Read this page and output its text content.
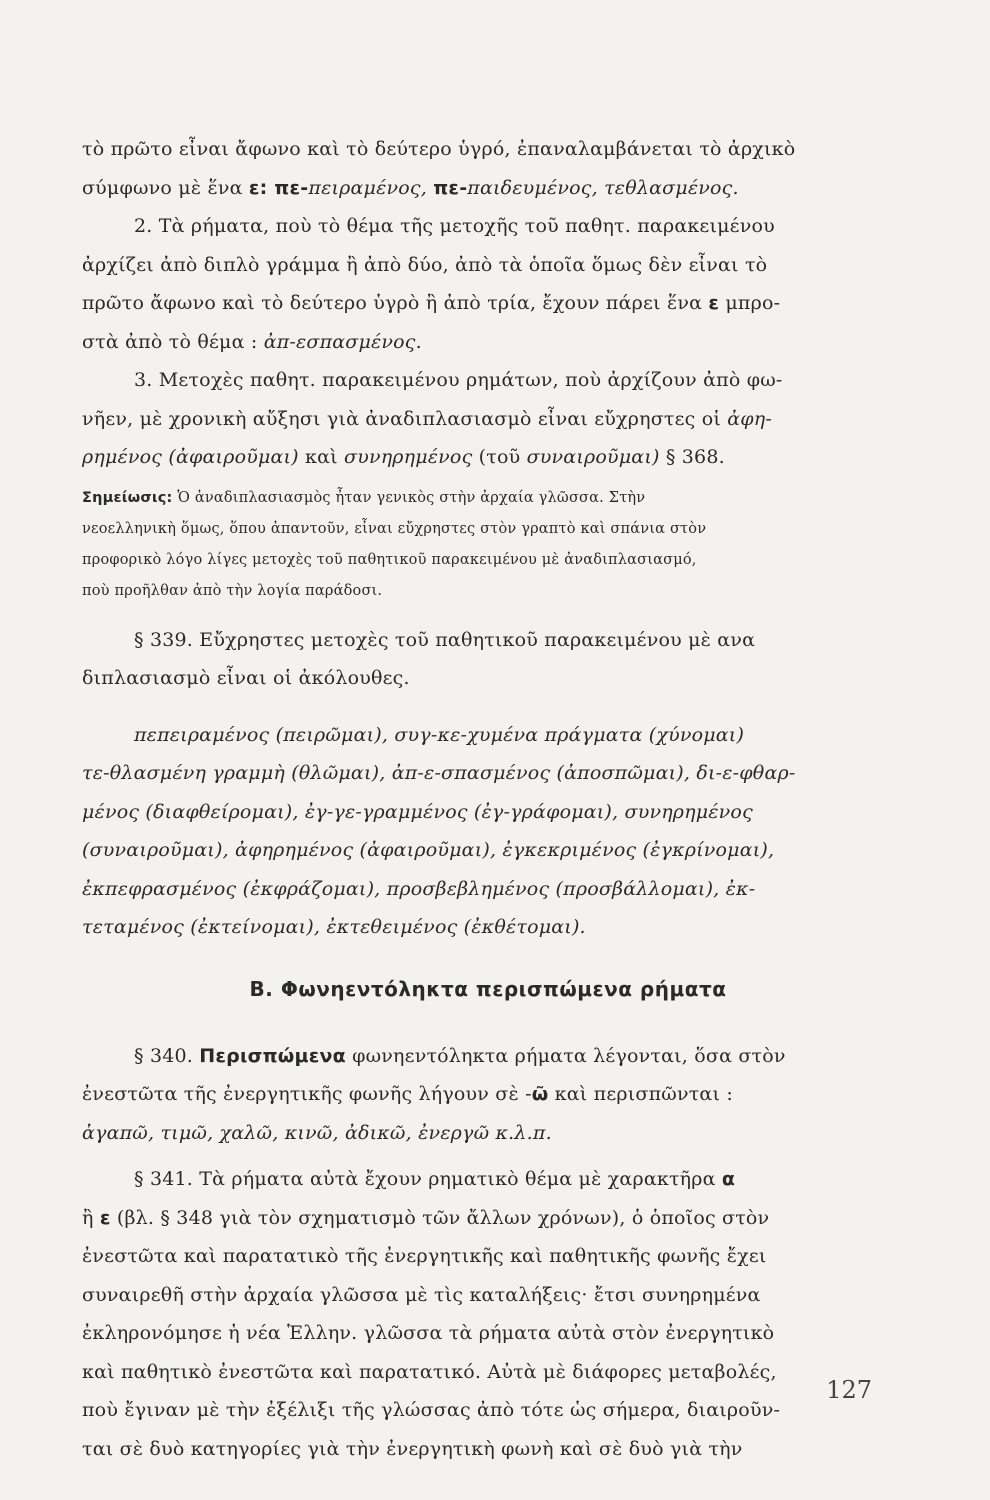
τὸ πρῶτο εἶναι ἄφωνο καὶ τὸ δεύτερο ὑγρό, ἐπαναλαμβάνεται τὸ ἀρχικὸ
σύμφωνο μὲ ἕνα ε: πε-πειραμένος, πε-παιδευμένος, τεθλασμένος.
2. Τὰ ρήματα, ποὺ τὸ θέμα τῆς μετοχῆς τοῦ παθητ. παρακειμένου
ἀρχίζει ἀπὸ διπλὸ γράμμα ἢ ἀπὸ δύο, ἀπὸ τὰ ὁποῖα ὅμως δὲν εἶναι τὸ
πρῶτο ἄφωνο καὶ τὸ δεύτερο ὑγρὸ ἢ ἀπὸ τρία, ἔχουν πάρει ἕνα ε μπρο-
στὰ ἀπὸ τὸ θέμα : ἀπ-εσπασμένος.
3. Μετοχὲς παθητ. παρακειμένου ρημάτων, ποὺ ἀρχίζουν ἀπὸ φω-
νῆεν, μὲ χρονικὴ αὔξησι γιὰ ἀναδιπλασιασμὸ εἶναι εὔχρηστες οἱ ἀφη-
ρημένος (ἀφαιροῦμαι) καὶ συνηρημένος (τοῦ συναιροῦμαι) § 368.
Σημείωσις: Ὁ ἀναδιπλασιασμὸς ἦταν γενικὸς στὴν ἀρχαία γλῶσσα. Στὴν
νεοελληνικὴ ὅμως, ὅπου ἀπαντοῦν, εἶναι εὔχρηστες στὸν γραπτὸ καὶ σπάνια στὸν
προφορικὸ λόγο λίγες μετοχὲς τοῦ παθητικοῦ παρακειμένου μὲ ἀναδιπλασιασμό,
ποὺ προῆλθαν ἀπὸ τὴν λογία παράδοσι.
§ 339. Εὔχρηστες μετοχὲς τοῦ παθητικοῦ παρακειμένου μὲ ανα
διπλασιασμὸ εἶναι οἱ ἀκόλουθες.
πεπειραμένος (πειρῶμαι), συγ-κε-χυμένα πράγματα (χύνομαι)
τε-θλασμένη γραμμὴ (θλῶμαι), ἀπ-ε-σπασμένος (ἀποσπῶμαι), δι-ε-φθαρ-
μένος (διαφθείρομαι), ἐγ-γε-γραμμένος (ἐγ-γράφομαι), συνηρημένος
(συναιροῦμαι), ἀφηρημένος (ἀφαιροῦμαι), ἐγκεκριμένος (ἐγκρίνομαι),
ἐκπεφρασμένος (ἐκφράζομαι), προσβεβλημένος (προσβάλλομαι), ἐκ-
τεταμένος (ἐκτείνομαι), ἐκτεθειμένος (ἐκθέτομαι).
Β. Φωνηεντόληκτα περισπώμενα ρήματα
§ 340. Περισπώμενα φωνηεντόληκτα ρήματα λέγονται, ὅσα στὸν
ἐνεστῶτα τῆς ἐνεργητικῆς φωνῆς λήγουν σὲ -ῶ καὶ περισπῶνται :
ἀγαπῶ, τιμῶ, χαλῶ, κινῶ, ἀδικῶ, ἐνεργῶ κ.λ.π.
§ 341. Τὰ ρήματα αὐτὰ ἔχουν ρηματικὸ θέμα μὲ χαρακτῆρα α
ἢ ε (βλ. § 348 γιὰ τὸν σχηματισμὸ τῶν ἄλλων χρόνων), ὁ ὁποῖος στὸν
ἐνεστῶτα καὶ παρατατικὸ τῆς ἐνεργητικῆς καὶ παθητικῆς φωνῆς ἔχει
συναιρεθῆ στὴν ἀρχαία γλῶσσα μὲ τὶς καταλήξεις· ἔτσι συνηρημένα
ἐκληρονόμησε ἡ νέα Ἑλλην. γλῶσσα τὰ ρήματα αὐτὰ στὸν ἐνεργητικὸ
καὶ παθητικὸ ἐνεστῶτα καὶ παρατατικό. Αὐτὰ μὲ διάφορες μεταβολές,
ποὺ ἔγιναν μὲ τὴν ἐξέλιξι τῆς γλώσσας ἀπὸ τότε ὡς σήμερα, διαιροῦν-
ται σὲ δυὸ κατηγορίες γιὰ τὴν ἐνεργητικὴ φωνὴ καὶ σὲ δυὸ γιὰ τὴν
127
